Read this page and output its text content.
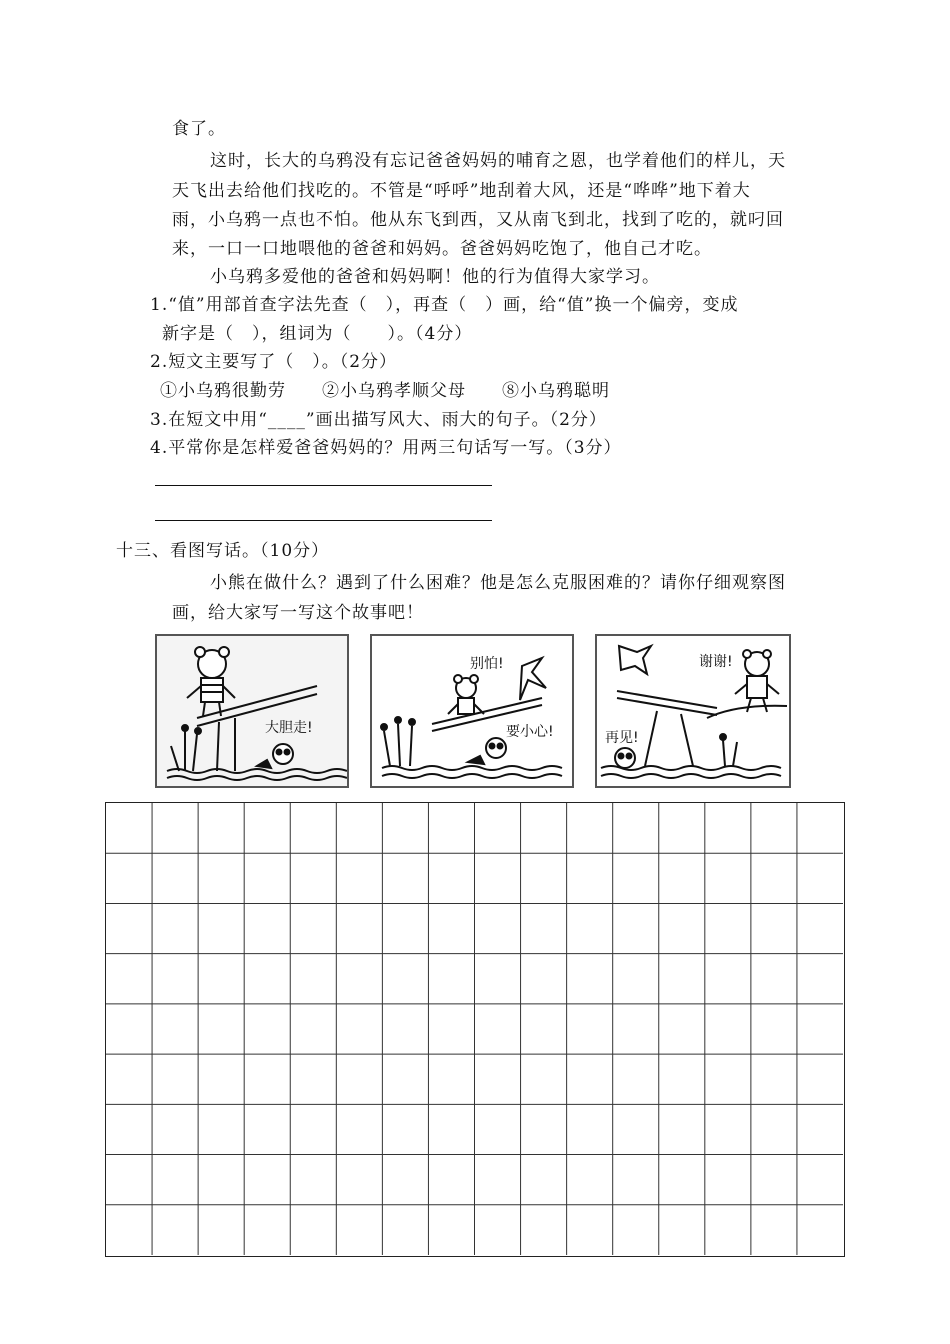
食了。
这时，长大的乌鸦没有忘记爸爸妈妈的哺育之恩，也学着他们的样儿，天
天飞出去给他们找吃的。不管是“呼呼”地刮着大风，还是“哗哗”地下着大
雨，小乌鸦一点也不怕。他从东飞到西，又从南飞到北，找到了吃的，就叼回
来，一口一口地喂他的爸爸和妈妈。爸爸妈妈吃饱了，他自己才吃。
小乌鸦多爱他的爸爸和妈妈啊！他的行为值得大家学习。
1.“值”用部首查字法先查（　），再查（　）画，给“值”换一个偏旁，变成
新字是（　），组词为（　　）。（4分）
2.短文主要写了（　）。（2分）
①小乌鸦很勤劳　　②小乌鸦孝顺父母　　⑧小乌鸦聪明
3.在短文中用“____”画出描写风大、雨大的句子。（2分）
4.平常你是怎样爱爸爸妈妈的？用两三句话写一写。（3分）
十三、看图写话。（10分）
小熊在做什么？遇到了什么困难？他是怎么克服困难的？请你仔细观察图
画，给大家写一写这个故事吧！
大胆走!
别怕!
要小心!
谢谢!
再见!
